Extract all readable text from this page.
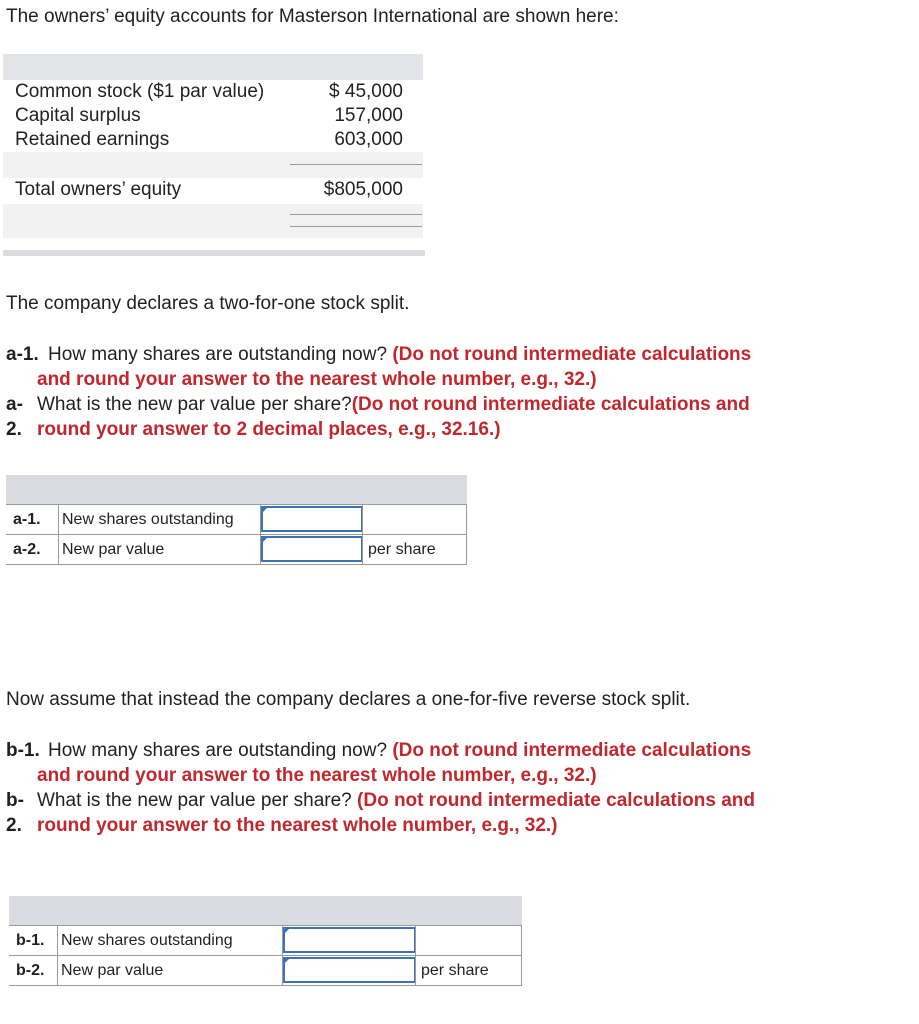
The owners’ equity accounts for Masterson International are shown here:
Common stock ($1 par value)	$ 45,000
Capital surplus	157,000
Retained earnings	603,000
Total owners’ equity	$805,000
The company declares a two-for-one stock split.
a-1. How many shares are outstanding now? (Do not round intermediate calculations
and round your answer to the nearest whole number, e.g., 32.)
a-
2.
What is the new par value per share?(Do not round intermediate calculations and
round your answer to 2 decimal places, e.g., 32.16.)
a-1. New shares outstanding
a-2. New par value	per share
Now assume that instead the company declares a one-for-five reverse stock split.
b-1. How many shares are outstanding now? (Do not round intermediate calculations
and round your answer to the nearest whole number, e.g., 32.)
b-
2.
What is the new par value per share? (Do not round intermediate calculations and
round your answer to the nearest whole number, e.g., 32.)
b-1. New shares outstanding
b-2. New par value	per share
